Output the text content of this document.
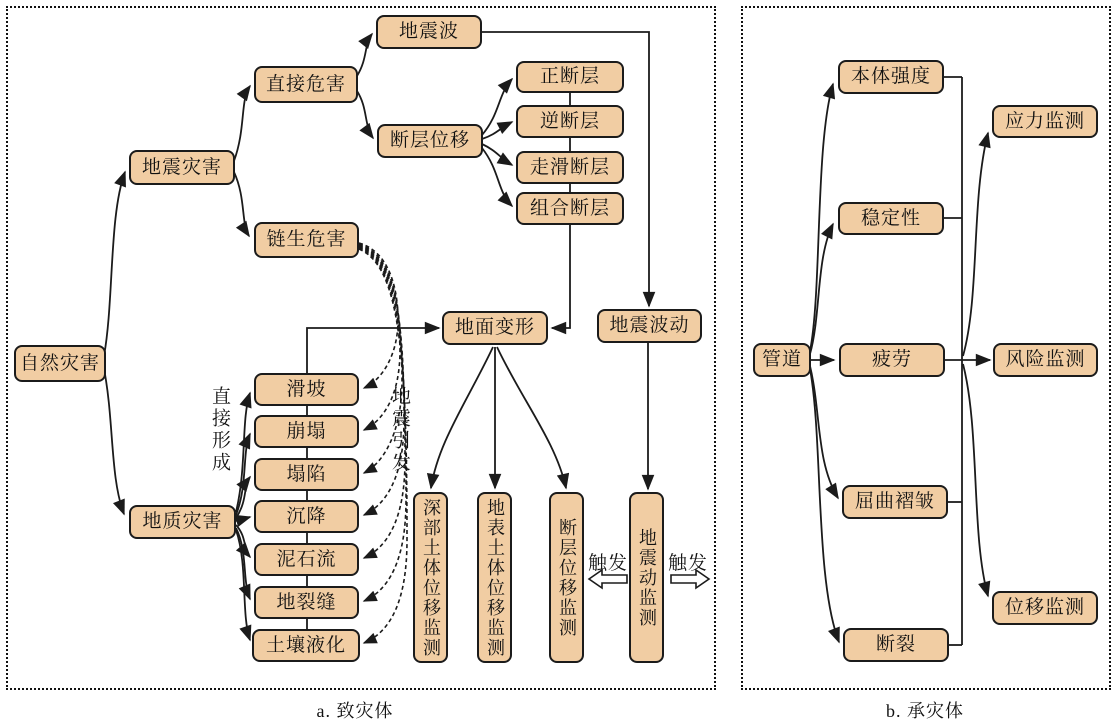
自然灾害
地震灾害
地质灾害
直接危害
链生危害
地震波
断层位移
正断层
逆断层
走滑断层
组合断层
地面变形	地震波动
滑坡
崩塌
塌陷
沉降
泥石流
地裂缝
土壤液化	深部土体位移监测	地表土体位移监测	断层位移监测	地震动监测
直接形成	地震引发
触发 触发
管道
本体强度
稳定性
疲劳
屈曲褶皱
断裂
应力监测
风险监测
位移监测
a. 致灾体	b. 承灾体
